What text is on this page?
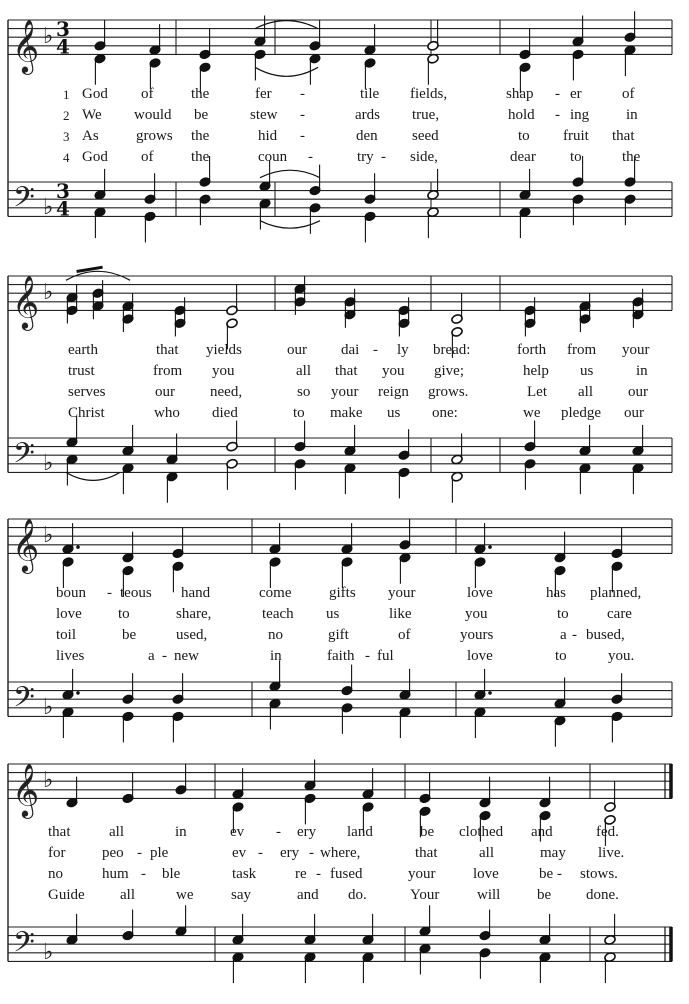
𝄞
𝄢
♭
♭
3
4
3
4
𝄞
𝄢
♭
♭
𝄞
𝄢
♭
♭
𝄞
𝄢
♭
♭
1
2
3
4
God of	the	fer -	tile fields,	shap - er	of
We would be	stew -	ards true,	hold - ing in
As grows the	hid -	den seed	to fruit that
God of	the	coun -	try - side,	dear to	the
earth	that yields	our dai - ly bread:	forth from your
trust	from you	all that you give;	help us	in
serves	our need,	so your reign grows.	Let all our
Christ	who died	to make us one:	we pledge our
boun - teous hand	come	gifts your	love	has planned,
love to	share,	teach us	like	you	to	care
toil	be	used,	no	gift	of	yours	a - bused,
lives	a - new	in	faith - ful	love	to	you.
that	all	in	ev - ery land	be clothed and	fed.
for peo - ple	ev - ery - where,	that	all	may live.
no	hum - ble	task	re - fused	your	love	be - stows.
Guide all	we	say	and do.	Your	will be done.
